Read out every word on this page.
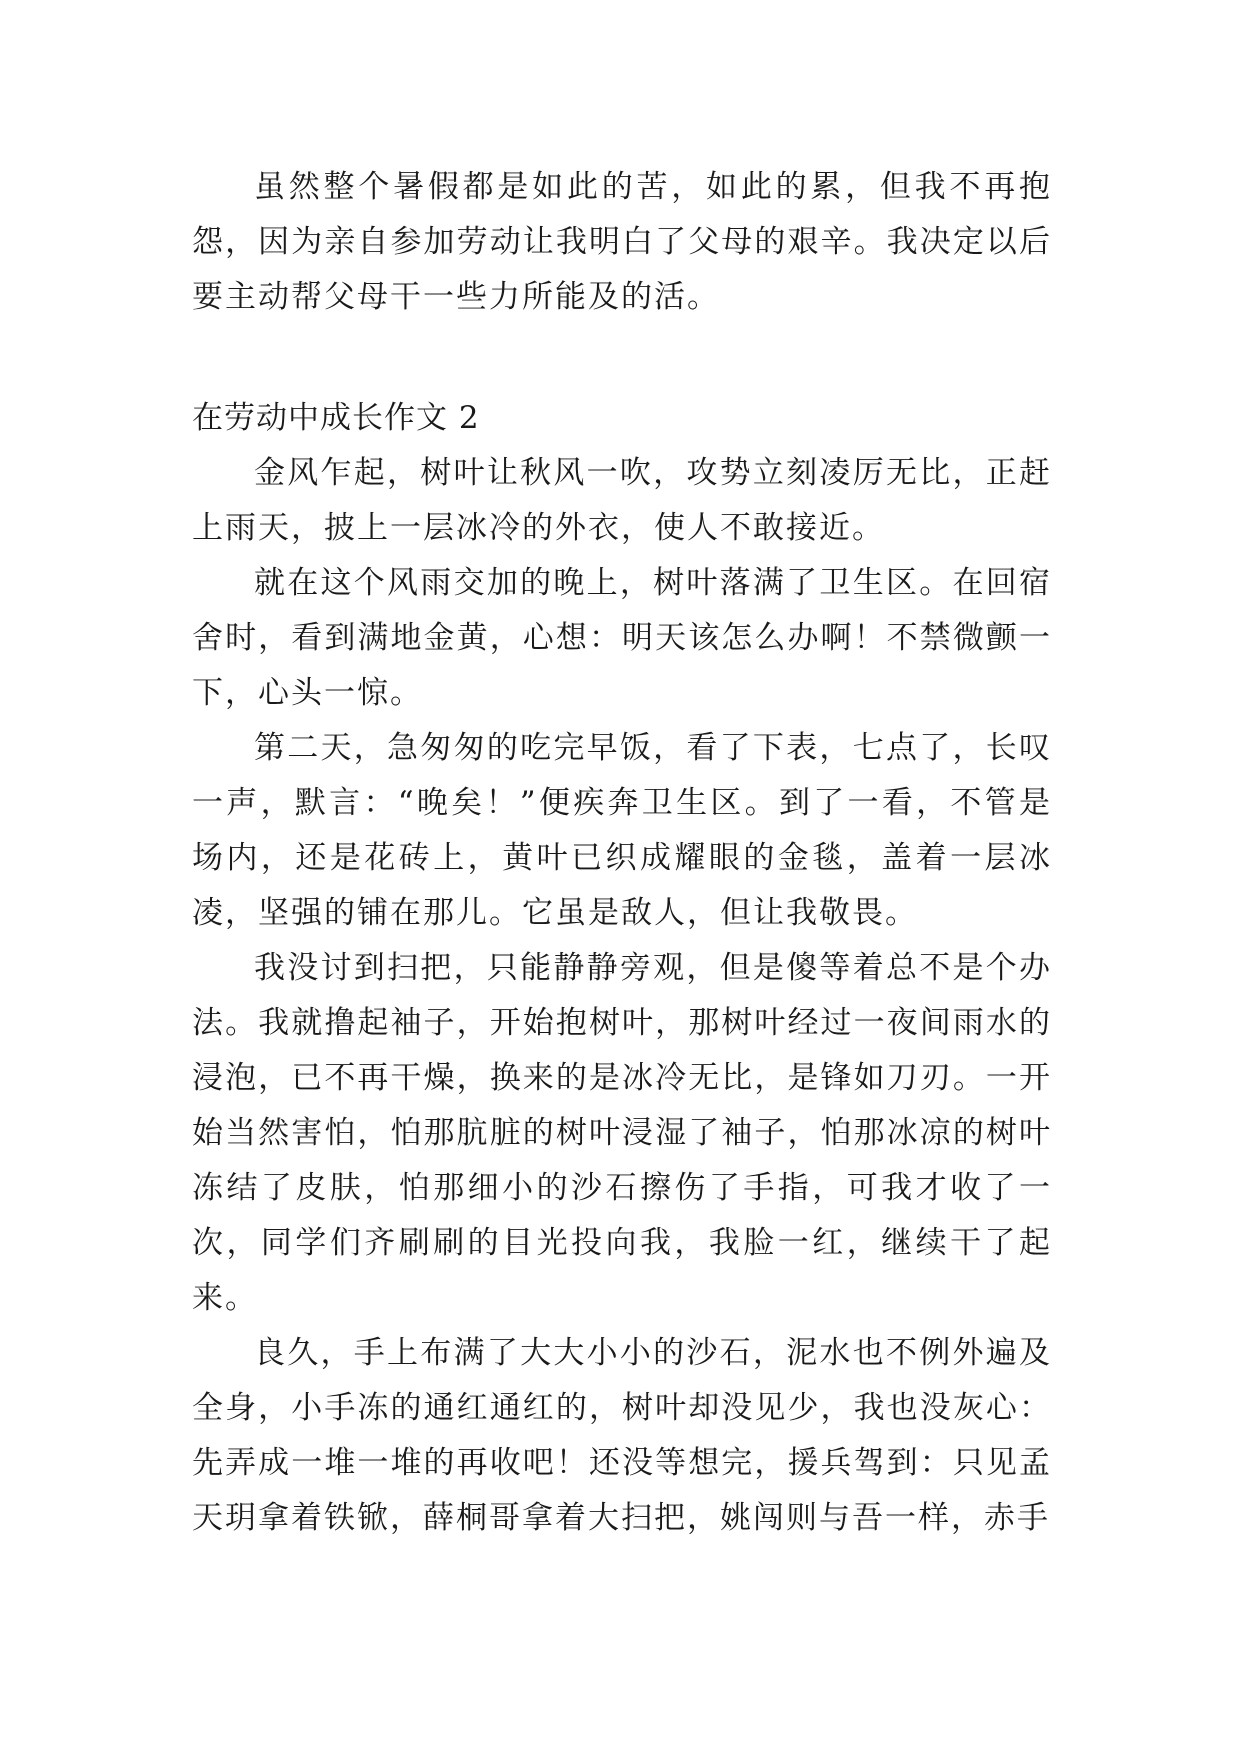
虽然整个暑假都是如此的苦，如此的累，但我不再抱怨，因为亲自参加劳动让我明白了父母的艰辛。我决定以后要主动帮父母干一些力所能及的活。

在劳动中成长作文 2

金风乍起，树叶让秋风一吹，攻势立刻凌厉无比，正赶上雨天，披上一层冰冷的外衣，使人不敢接近。

就在这个风雨交加的晚上，树叶落满了卫生区。在回宿舍时，看到满地金黄，心想：明天该怎么办啊！不禁微颤一下，心头一惊。

第二天，急匆匆的吃完早饭，看了下表，七点了，长叹一声，默言：“晚矣！”便疾奔卫生区。到了一看，不管是场内，还是花砖上，黄叶已织成耀眼的金毯，盖着一层冰凌，坚强的铺在那儿。它虽是敌人，但让我敬畏。

我没讨到扫把，只能静静旁观，但是傻等着总不是个办法。我就撸起袖子，开始抱树叶，那树叶经过一夜间雨水的浸泡，已不再干燥，换来的是冰冷无比，是锋如刀刃。一开始当然害怕，怕那肮脏的树叶浸湿了袖子，怕那冰凉的树叶冻结了皮肤，怕那细小的沙石擦伤了手指，可我才收了一次，同学们齐刷刷的目光投向我，我脸一红，继续干了起来。

良久，手上布满了大大小小的沙石，泥水也不例外遍及全身，小手冻的通红通红的，树叶却没见少，我也没灰心：先弄成一堆一堆的再收吧！还没等想完，援兵驾到：只见孟天玥拿着铁锨，薛桐哥拿着大扫把，姚闯则与吾一样，赤手
